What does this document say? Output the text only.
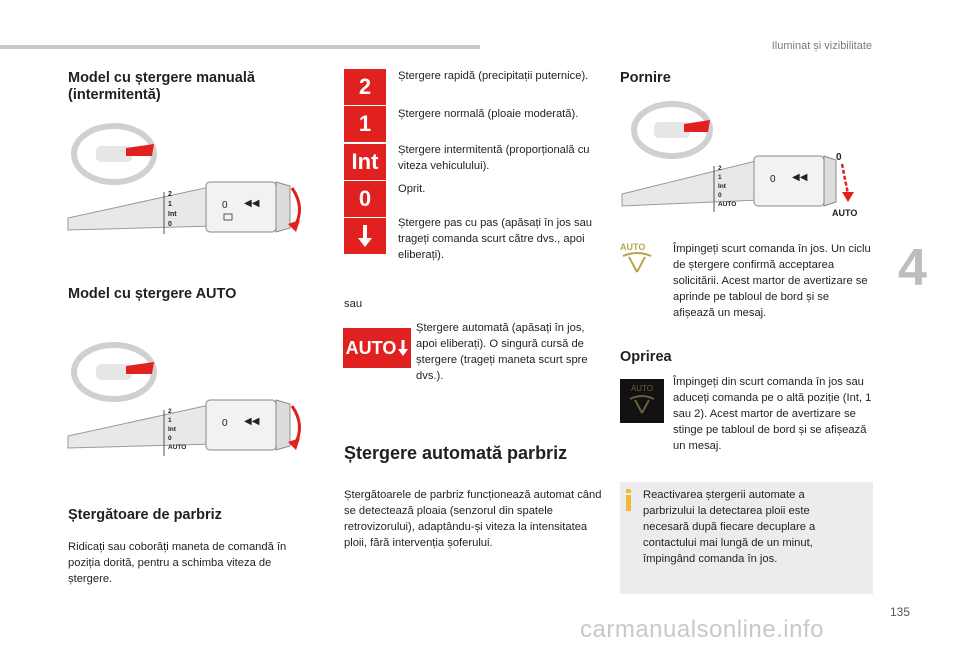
Iluminat și vizibilitate
4
Model cu ștergere manuală (intermitentă)
2
1
Int
0
0 ◀◀
Model cu ștergere AUTO
2
1
Int
0
AUTO
0 ◀◀
Ștergătoare de parbriz
Ridicați sau coborâți maneta de comandă în poziția dorită, pentru a schimba viteza de ștergere.
2	Ștergere rapidă (precipitații puternice).
1	Ștergere normală (ploaie moderată).
Int	Ștergere intermitentă (proporțională cu viteza vehiculului).
0	Oprit.
Ștergere pas cu pas (apăsați în jos sau trageți comanda scurt către dvs., apoi eliberați).
sau
AUTO
Ștergere automată (apăsați în jos, apoi eliberați). O singură cursă de ștergere (trageți maneta scurt spre dvs.).
Ștergere automată parbriz
Ștergătoarele de parbriz funcționează automat când se detectează ploaia (senzorul din spatele retrovizorului), adaptându-și viteza la intensitatea ploii, fără intervenția șoferului.
Pornire
2
1
Int
0
AUTO
0 ◀◀
0
AUTO
AUTO	Împingeți scurt comanda în jos. Un ciclu de ștergere confirmă acceptarea solicitării. Acest martor de avertizare se aprinde pe tabloul de bord și se afișează un mesaj.
Oprirea
AUTO
Împingeți din scurt comanda în jos sau aduceți comanda pe o altă poziție (Int, 1 sau 2). Acest martor de avertizare se stinge pe tabloul de bord și se afișează un mesaj.
Reactivarea ștergerii automate a parbrizului la detectarea ploii este necesară după fiecare decuplare a contactului mai lungă de un minut, împingând comanda în jos.
135
carmanualsonline.info
